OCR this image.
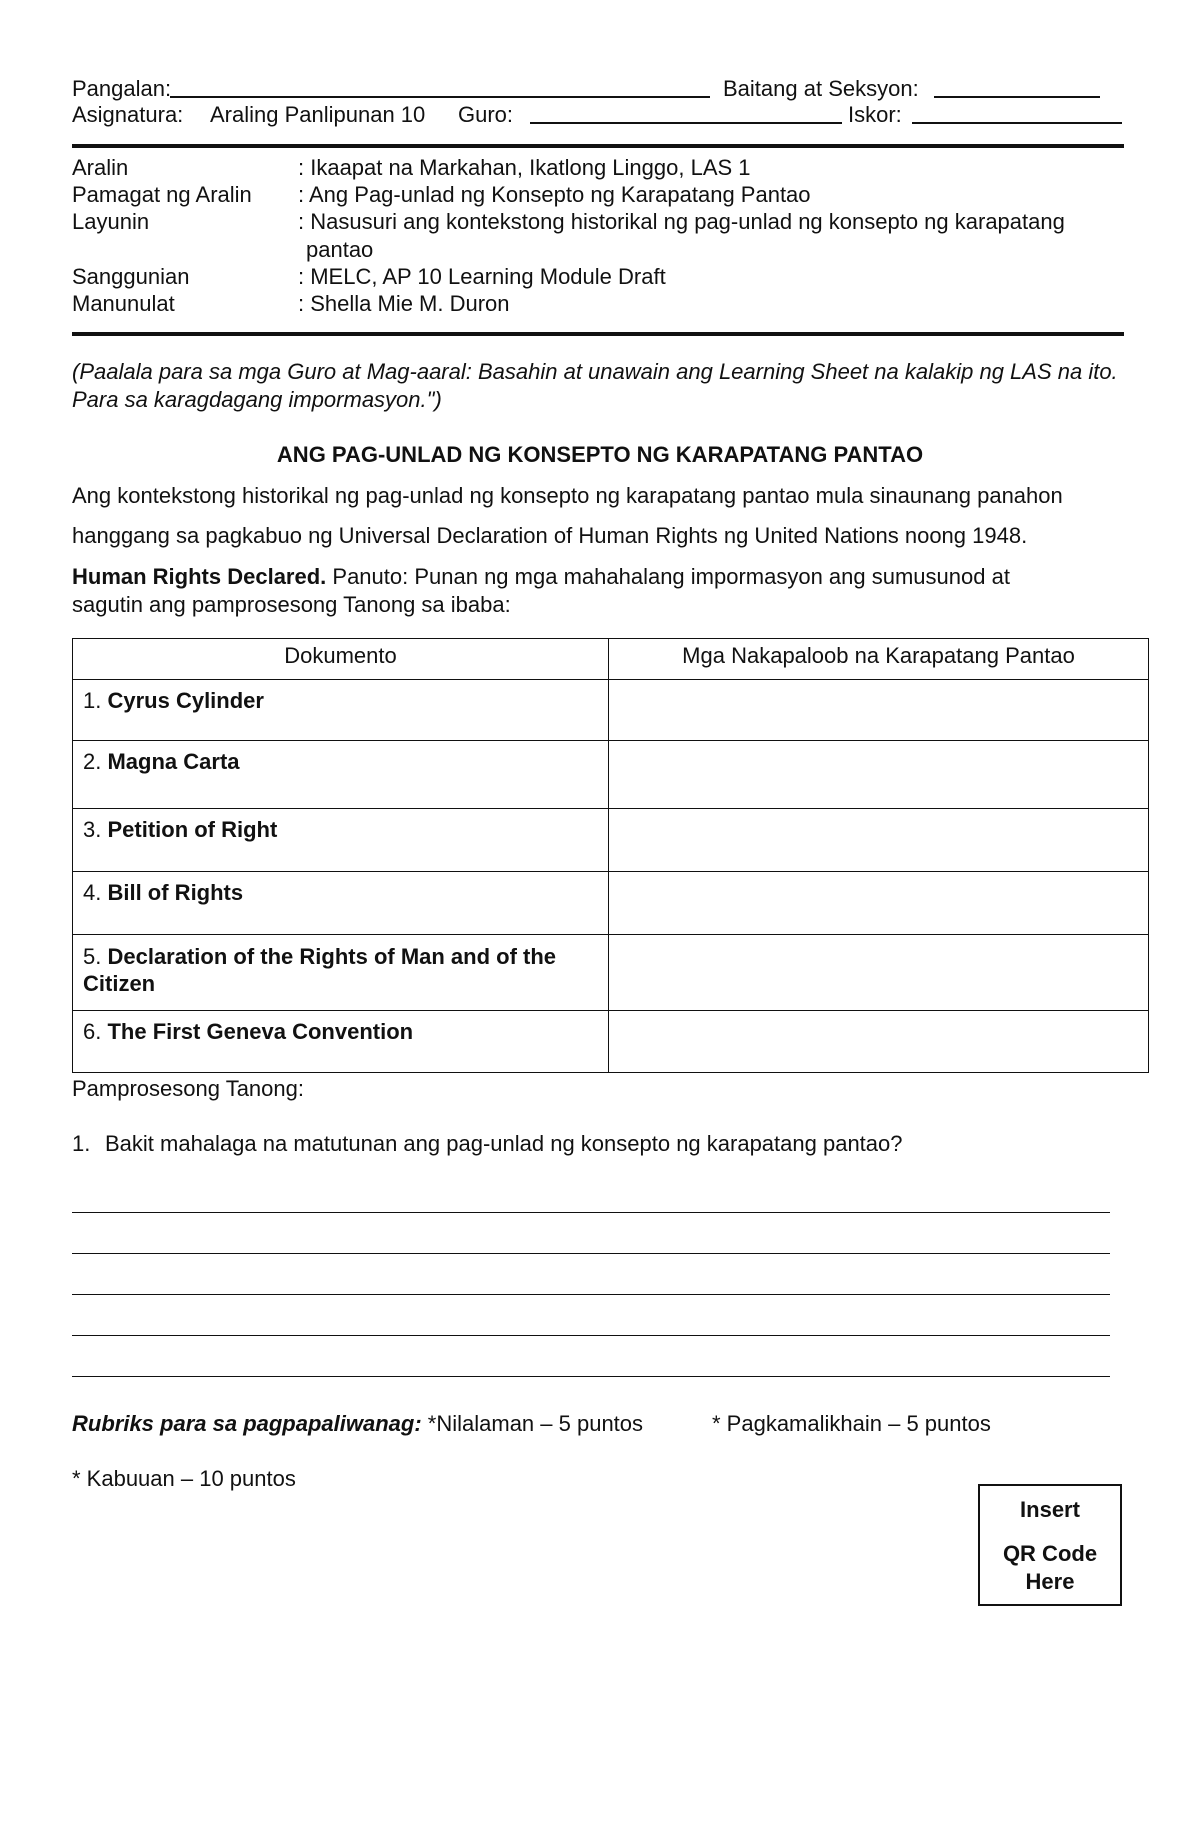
Pangalan:	Baitang at Seksyon:
Asignatura: Araling Panlipunan 10 Guro:	Iskor:
Aralin	: Ikaapat na Markahan, Ikatlong Linggo, LAS 1
Pamagat ng Aralin : Ang Pag-unlad ng Konsepto ng Karapatang Pantao
Layunin	: Nasusuri ang kontekstong historikal ng pag-unlad ng konsepto ng karapatang
pantao
Sanggunian	: MELC, AP 10 Learning Module Draft
Manunulat	: Shella Mie M. Duron
(Paalala para sa mga Guro at Mag-aaral: Basahin at unawain ang Learning Sheet na kalakip ng LAS na ito. Para sa karagdagang impormasyon.")
ANG PAG-UNLAD NG KONSEPTO NG KARAPATANG PANTAO
Ang kontekstong historikal ng pag-unlad ng konsepto ng karapatang pantao mula sinaunang panahon
hanggang sa pagkabuo ng Universal Declaration of Human Rights ng United Nations noong 1948.
Human Rights Declared. Panuto: Punan ng mga mahahalang impormasyon ang sumusunod at
sagutin ang pamprosesong Tanong sa ibaba:
Dokumento	Mga Nakapaloob na Karapatang Pantao
1. Cyrus Cylinder	
2. Magna Carta	
3. Petition of Right	
4. Bill of Rights	
5. Declaration of the Rights of Man and of the Citizen	
6. The First Geneva Convention	
Pamprosesong Tanong:
1. Bakit mahalaga na matutunan ang pag-unlad ng konsepto ng karapatang pantao?
Rubriks para sa pagpapaliwanag: *Nilalaman – 5 puntos	* Pagkamalikhain – 5 puntos
* Kabuuan – 10 puntos
Insert
QR Code
Here
